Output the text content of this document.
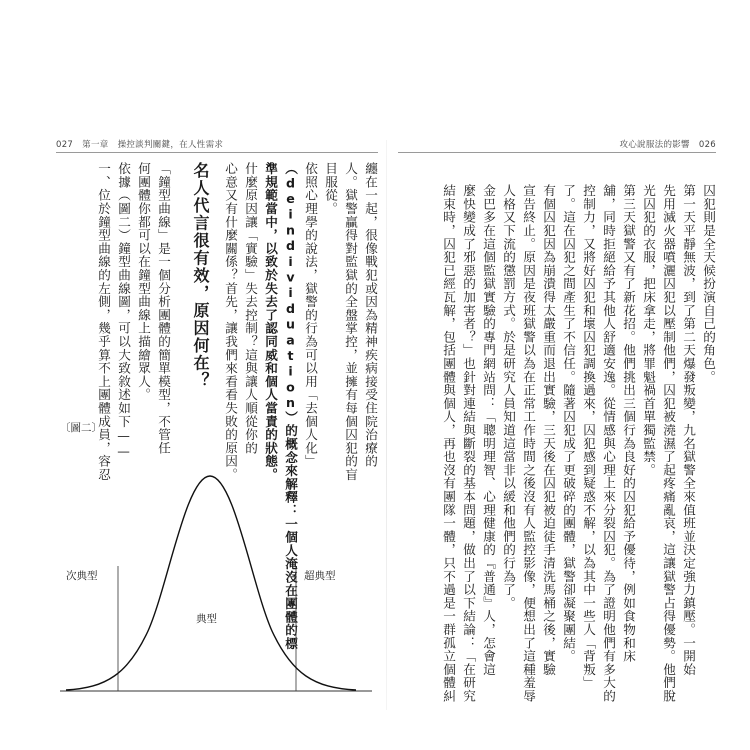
027 第一章 操控談判關鍵，在人性需求
纏在一起，很像戰犯或因為精神疾病接受住院治療的
人。獄警贏得對監獄的全盤掌控，並擁有每個囚犯的盲
目服從。
依照心理學的說法，獄警的行為可以用「去個人化」
（deindividuation）的概念來解釋：一個人淹沒在團體的標
準規範當中，以致於失去了認同威和個人當責的狀態。
什麼原因讓「實驗」失去控制？這與讓人順從你的
心意又有什麼關係？首先，讓我們來看看失敗的原因。
名人代言很有效，原因何在？
「鐘型曲線」是一個分析團體的簡單模型，不管任
何團體你都可以在鐘型曲線上描繪眾人。
依據（圖二）鐘型曲線圖，可以大致敘述如下——
一、位於鐘型曲線的左側，幾乎算不上團體成員，容忍
〔圖二〕
次典型
典型
超典型
攻心說服法的影響 026
囚犯則是全天候扮演自己的角色。
第一天平靜無波，到了第二天爆發叛變，九名獄警全來值班並決定強力鎮壓。一開始
先用滅火器噴灑囚犯以壓制他們，囚犯被澆濕了起疼痛亂哀，這讓獄警占得優勢。他們脫
光囚犯的衣服，把床拿走，將罪魁禍首單獨監禁。
第三天獄警又有了新花招。他們挑出三個行為良好的囚犯給予優待，例如食物和床
舖，同時拒絕給予其他人舒適安逸。從情感與心理上來分裂囚犯。為了證明他們有多大的
控制力，又將好囚犯和壞囚犯調換過來，囚犯感到疑惑不解，以為其中一些人「背叛」
了。這在囚犯之間產生了不信任。隨著囚犯成了更破碎的團體，獄警卻凝聚團結。
有個囚犯因為崩潰得太嚴重而退出實驗，三天後在囚犯被迫徒手清洗馬桶之後，實驗
宣告終止。原因是夜班獄警以為在正常工作時間之後沒有人監控影像，便想出了這種羞辱
人格又下流的懲罰方式。於是研究人員知道這當非以緩和他們的行為了。
金巴多在這個監獄實驗的專門網站問：「聰明理智、心理健康的『普通』人，怎會這
麼快變成了邪惡的加害者？」也針對連結與斷裂的基本問題，做出了以下結論：「在研究
結束時，囚犯已經瓦解，包括團體與個人，再也沒有團隊一體，只不過是一群孤立個體糾
